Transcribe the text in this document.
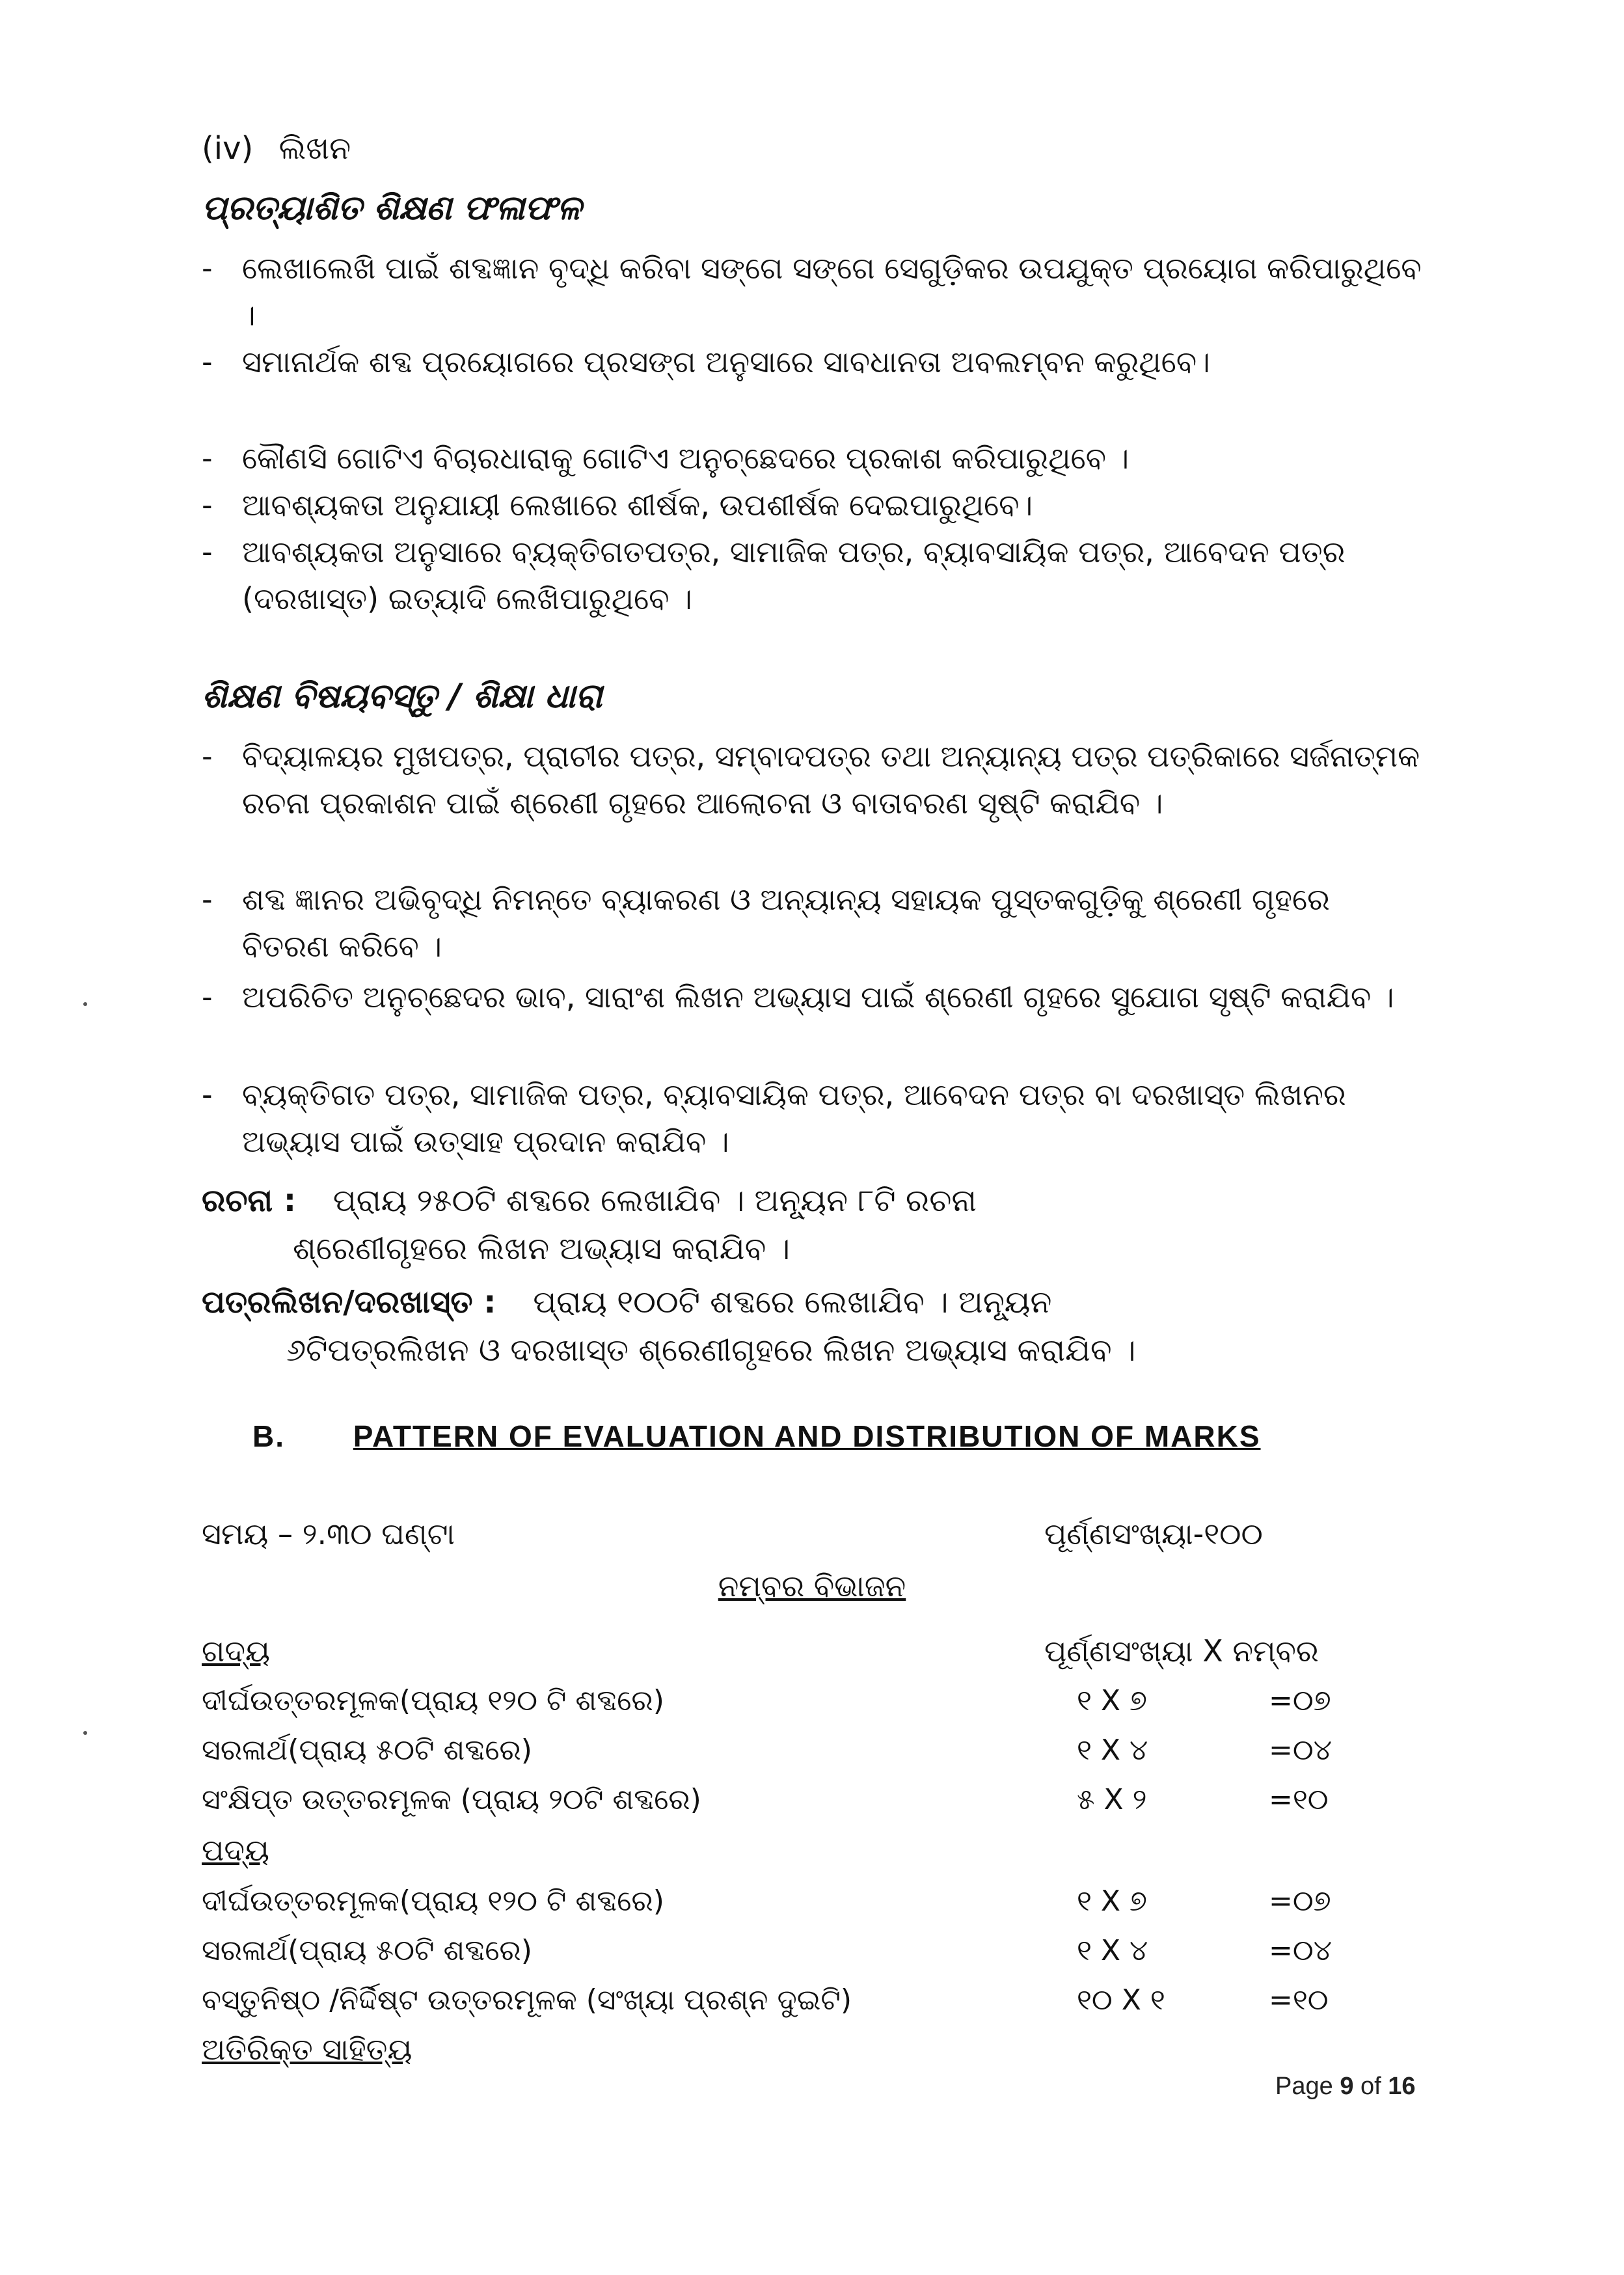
(iv) ଲିଖନ
ପ୍ରତ୍ୟାଶିତ ଶିକ୍ଷଣ ଫଳାଫଳ
- ଲେଖାଲେଖି ପାଇଁ ଶବ୍ଦଜ୍ଞାନ ବୃଦ୍ଧି କରିବା ସଙ୍ଗେ ସଙ୍ଗେ ସେଗୁଡ଼ିକର ଉପଯୁକ୍ତ ପ୍ରୟୋଗ କରିପାରୁଥିବେ ।
- ସମାନାର୍ଥକ ଶବ୍ଦ ପ୍ରୟୋଗରେ ପ୍ରସଙ୍ଗ ଅନୁସାରେ ସାବଧାନତା ଅବଲମ୍ବନ କରୁଥିବେ।
- କୌଣସି ଗୋଟିଏ ବିଚାରଧାରାକୁ ଗୋଟିଏ ଅନୁଚ୍ଛେଦରେ ପ୍ରକାଶ କରିପାରୁଥିବେ ।
- ଆବଶ୍ୟକତା ଅନୁଯାୟୀ ଲେଖାରେ ଶୀର୍ଷକ, ଉପଶୀର୍ଷକ ଦେଇପାରୁଥିବେ।
- ଆବଶ୍ୟକତା ଅନୁସାରେ ବ୍ୟକ୍ତିଗତପତ୍ର, ସାମାଜିକ ପତ୍ର, ବ୍ୟାବସାୟିକ ପତ୍ର, ଆବେଦନ ପତ୍ର (ଦରଖାସ୍ତ) ଇତ୍ୟାଦି ଲେଖିପାରୁଥିବେ ।
ଶିକ୍ଷଣ ବିଷୟବସ୍ତୁ / ଶିକ୍ଷା ଧାରା
- ବିଦ୍ୟାଳୟର ମୁଖପତ୍ର, ପ୍ରାଚୀର ପତ୍ର, ସମ୍ବାଦପତ୍ର ତଥା ଅନ୍ୟାନ୍ୟ ପତ୍ର ପତ୍ରିକାରେ ସର୍ଜନାତ୍ମକ ରଚନା ପ୍ରକାଶନ ପାଇଁ ଶ୍ରେଣୀ ଗୃହରେ ଆଲୋଚନା ଓ ବାତାବରଣ ସୃଷ୍ଟି କରାଯିବ ।
- ଶବ୍ଦ ଜ୍ଞାନର ଅଭିବୃଦ୍ଧି ନିମନ୍ତେ ବ୍ୟାକରଣ ଓ ଅନ୍ୟାନ୍ୟ ସହାୟକ ପୁସ୍ତକଗୁଡ଼ିକୁ ଶ୍ରେଣୀ ଗୃହରେ ବିତରଣ କରିବେ ।
- ଅପରିଚିତ ଅନୁଚ୍ଛେଦର ଭାବ, ସାରାଂଶ ଲିଖନ ଅଭ୍ୟାସ ପାଇଁ ଶ୍ରେଣୀ ଗୃହରେ ସୁଯୋଗ ସୃଷ୍ଟି କରାଯିବ ।
- ବ୍ୟକ୍ତିଗତ ପତ୍ର, ସାମାଜିକ ପତ୍ର, ବ୍ୟାବସାୟିକ ପତ୍ର, ଆବେଦନ ପତ୍ର ବା ଦରଖାସ୍ତ ଲିଖନର ଅଭ୍ୟାସ ପାଇଁ ଉତ୍ସାହ ପ୍ରଦାନ କରାଯିବ ।
ରଚନା : ପ୍ରାୟ ୨୫୦ଟି ଶବ୍ଦରେ ଲେଖାଯିବ । ଅନ୍ୟୂନ ୮ଟି ରଚନା
ଶ୍ରେଣୀଗୃହରେ ଲିଖନ ଅଭ୍ୟାସ କରାଯିବ ।
ପତ୍ରଲିଖନ/ଦରଖାସ୍ତ : ପ୍ରାୟ ୧୦୦ଟି ଶବ୍ଦରେ ଲେଖାଯିବ । ଅନ୍ୟୂନ
୬ଟିପତ୍ରଲିଖନ ଓ ଦରଖାସ୍ତ ଶ୍ରେଣୀଗୃହରେ ଲିଖନ ଅଭ୍ୟାସ କରାଯିବ ।
B. PATTERN OF EVALUATION AND DISTRIBUTION OF MARKS
ସମୟ – ୨.୩୦ ଘଣ୍ଟା	ପୂର୍ଣ୍ଣସଂଖ୍ୟା-୧୦୦
ନମ୍ବର ବିଭାଜନ
ଗଦ୍ୟ	ପୂର୍ଣ୍ଣସଂଖ୍ୟା X ନମ୍ବର
ଦୀର୍ଘଉତ୍ତରମୂଳକ(ପ୍ରାୟ ୧୨୦ ଟି ଶବ୍ଦରେ)	୧ X ୭	=୦୭
ସରଳାର୍ଥ(ପ୍ରାୟ ୫୦ଟି ଶବ୍ଦରେ)	୧ X ୪	=୦୪
ସଂକ୍ଷିପ୍ତ ଉତ୍ତରମୂଳକ (ପ୍ରାୟ ୨୦ଟି ଶବ୍ଦରେ)	୫ X ୨	=୧୦
ପଦ୍ୟ
ଦୀର୍ଘଉତ୍ତରମୂଳକ(ପ୍ରାୟ ୧୨୦ ଟି ଶବ୍ଦରେ)	୧ X ୭	=୦୭
ସରଳାର୍ଥ(ପ୍ରାୟ ୫୦ଟି ଶବ୍ଦରେ)	୧ X ୪	=୦୪
ବସ୍ତୁନିଷ୍ଠ /ନିର୍ଦ୍ଦିଷ୍ଟ ଉତ୍ତରମୂଳକ (ସଂଖ୍ୟା ପ୍ରଶ୍ନ ଦୁଇଟି)	୧୦ X ୧	=୧୦
ଅତିରିକ୍ତ ସାହିତ୍ୟ
Page 9 of 16
